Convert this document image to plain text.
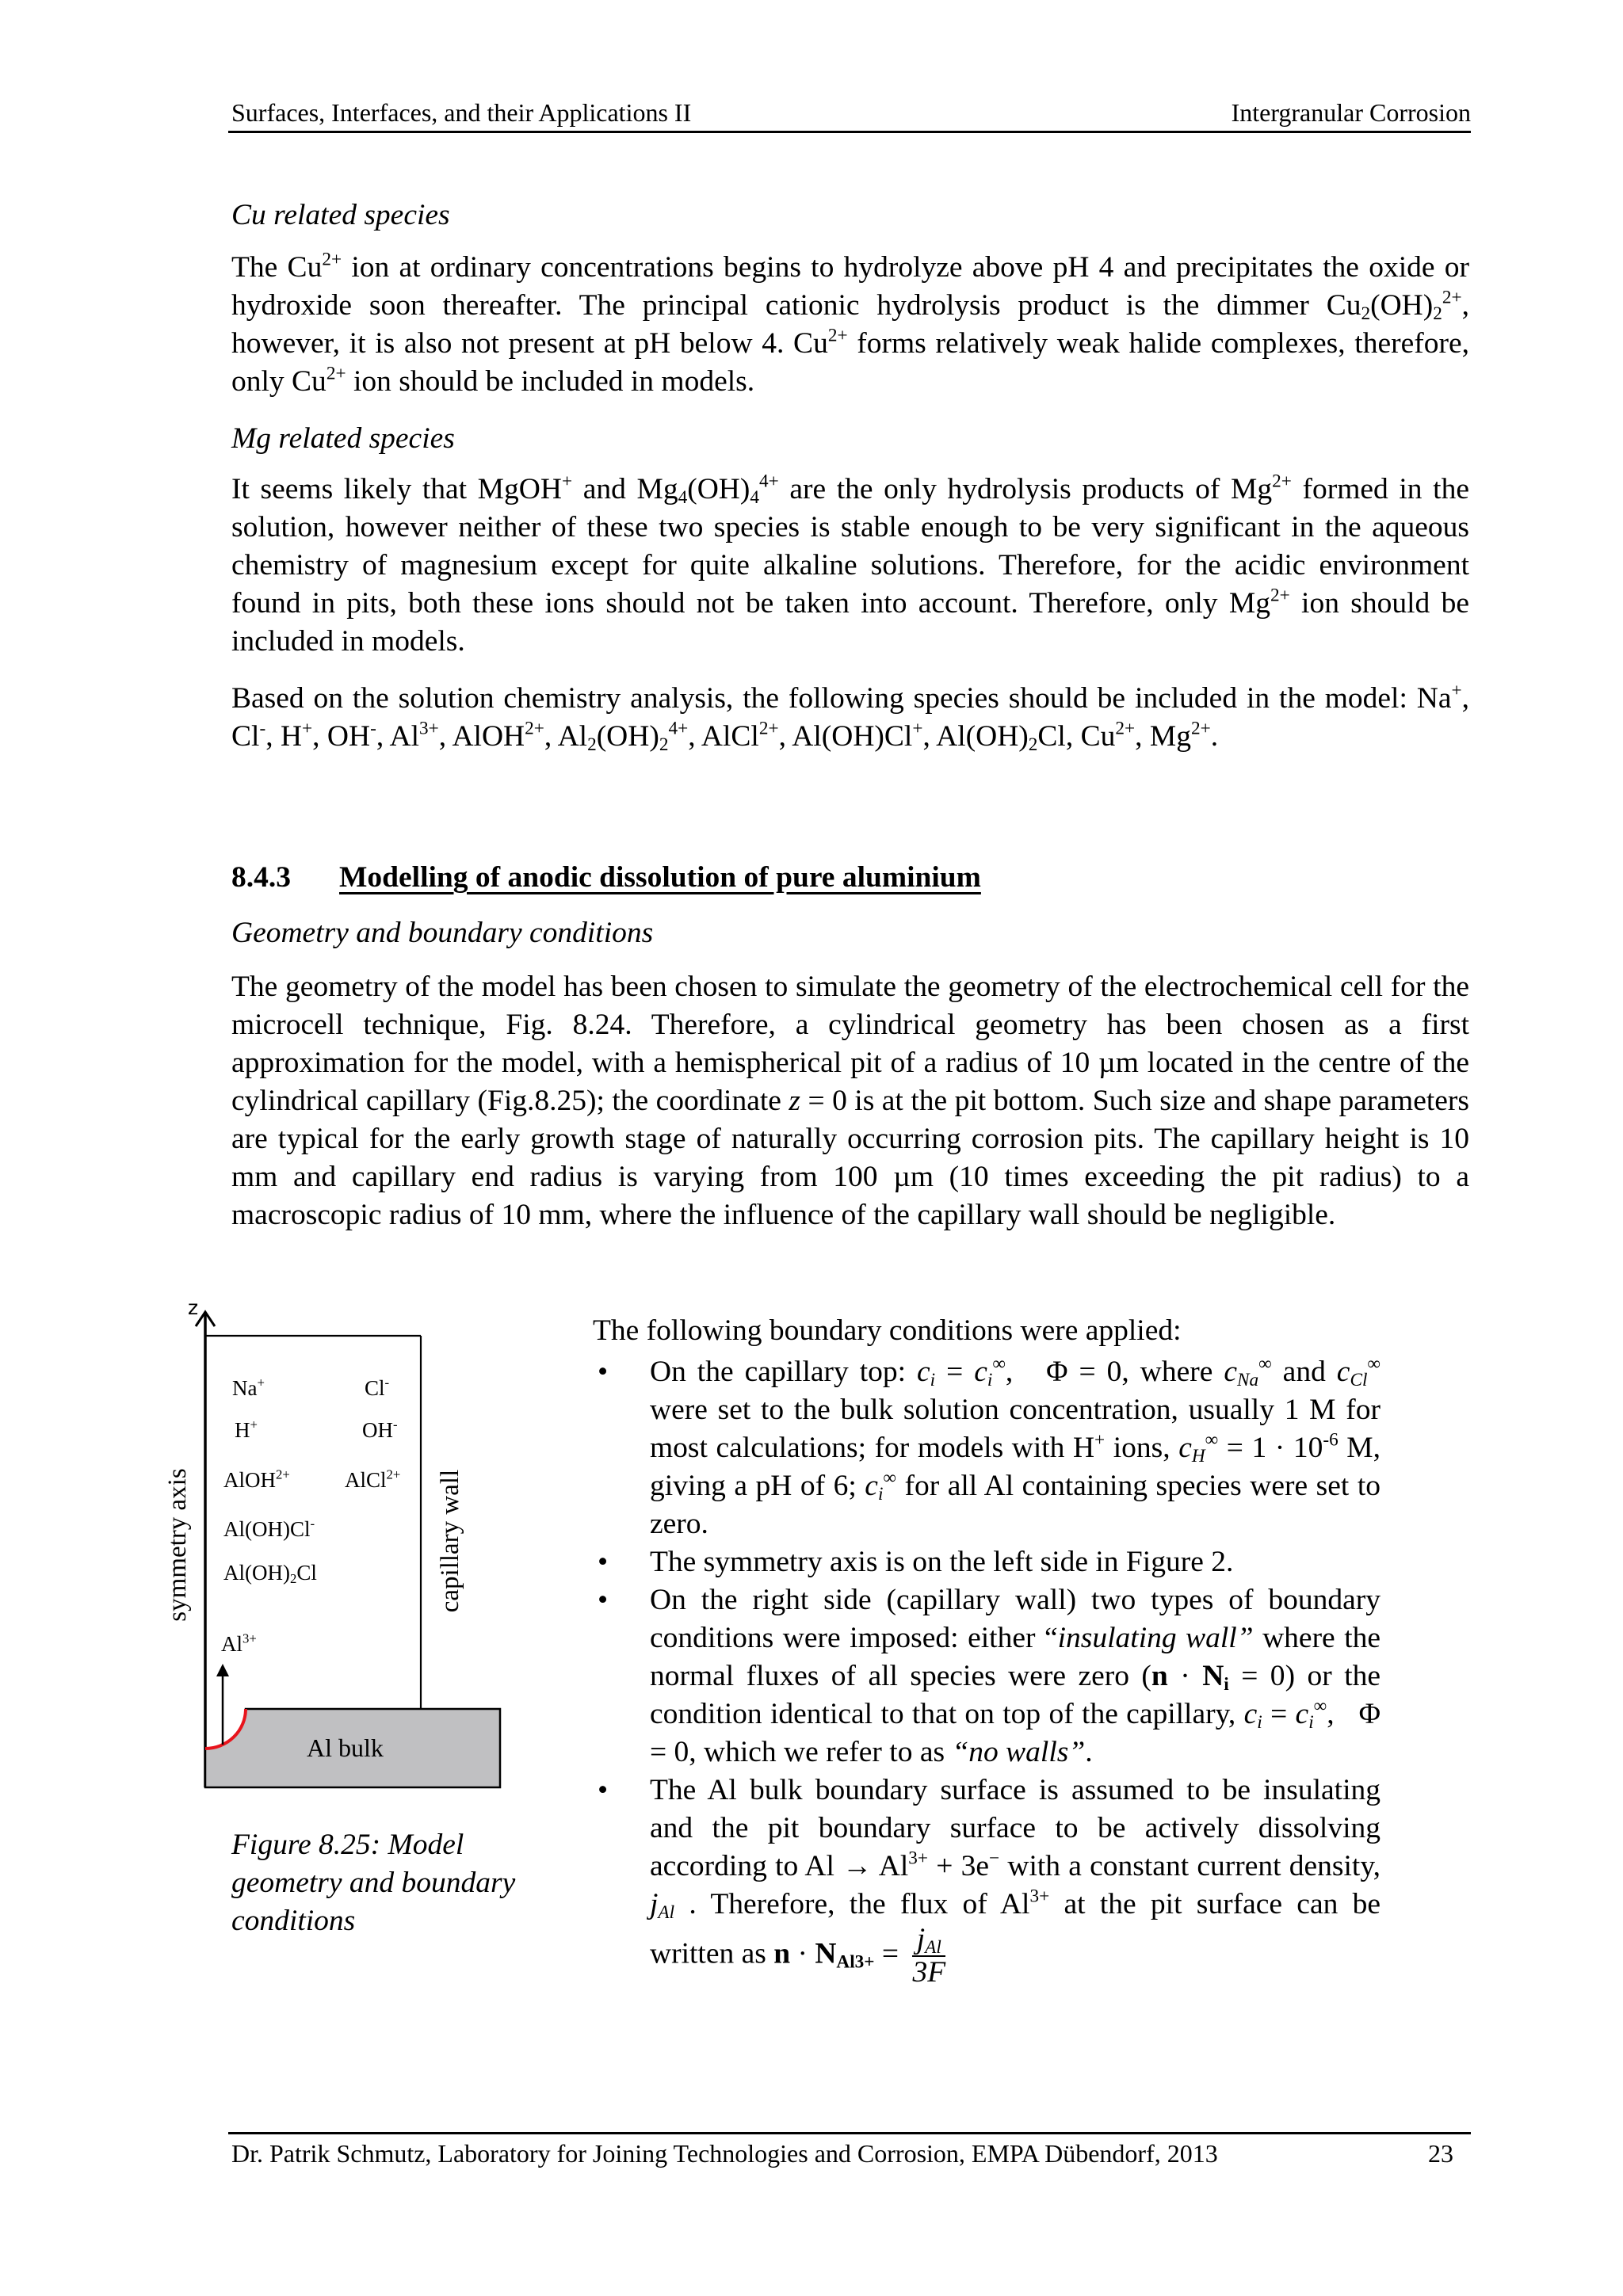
Surfaces, Interfaces, and their Applications II	Intergranular Corrosion
Cu related species
The $Cu^{2+}$ ion at ordinary concentrations begins to hydrolyze above pH 4 and precipitates the oxide or hydroxide soon thereafter. The principal cationic hydrolysis product is the dimmer $Cu_2(OH)_2^{2+}$, however, it is also not present at pH below 4. $Cu^{2+}$ forms relatively weak halide complexes, therefore, only $Cu^{2+}$ ion should be included in models.
Mg related species
It seems likely that MgOH+ and $Mg_4(OH)_4^{4+}$ are the only hydrolysis products of $Mg^{2+}$ formed in the solution, however neither of these two species is stable enough to be very significant in the aqueous chemistry of magnesium except for quite alkaline solutions. Therefore, for the acidic environment found in pits, both these ions should not be taken into account. Therefore, only $Mg^{2+}$ ion should be included in models.
Based on the solution chemistry analysis, the following species should be included in the model: Na+, Cl-, H+, OH-, $Al^{3+}$, AlOH$^{2+}$, $Al_2(OH)_2^{4+}$, AlCl$^{2+}$, Al(OH)Cl+, $Al(OH)_2Cl$, $Cu^{2+}$, $Mg^{2+}$.
8.4.3 Modelling of anodic dissolution of pure aluminium
Geometry and boundary conditions
The geometry of the model has been chosen to simulate the geometry of the electrochemical cell for the microcell technique, Fig. 8.24. Therefore, a cylindrical geometry has been chosen as a first approximation for the model, with a hemispherical pit of a radius of 10 µm located in the centre of the cylindrical capillary (Fig.8.25); the coordinate z = 0 is at the pit bottom. Such size and shape parameters are typical for the early growth stage of naturally occurring corrosion pits. The capillary height is 10 mm and capillary end radius is varying from 100 µm (10 times exceeding the pit radius) to a macroscopic radius of 10 mm, where the influence of the capillary wall should be negligible.
z
Na+	Cl-
H+	OH-
AlOH$^{2+}$	AlCl$^{2+}$
Al(OH)Cl-
$Al(OH)_2Cl$
$Al^{3+}$
Al bulk
symmetry axis	capillary wall
Figure 8.25: Model geometry and boundary conditions
The following boundary conditions were applied:
• On the capillary top: $c_i = c_i^\infty$,   Φ = 0, where $c_{Na}^\infty$ and $c_{Cl}^\infty$ were set to the bulk solution concentration, usually 1 M for most calculations; for models with H+ ions, $c_H^\infty = 1 \cdot 10^{-6}$ M, giving a pH of 6; $c_i^\infty$ for all Al containing species were set to zero.
• The symmetry axis is on the left side in Figure 2.
• On the right side (capillary wall) two types of boundary conditions were imposed: either “insulating wall” where the normal fluxes of all species were zero $(n \cdot N_i = 0)$ or the condition identical to that on top of the capillary, $c_i = c_i^\infty$,   Φ = 0, which we refer to as “no walls”.
• The Al bulk boundary surface is assumed to be insulating and the pit boundary surface to be actively dissolving according to $Al \to Al^{3+} + 3e^-$ with a constant current density, $j_{Al}$ . Therefore, the flux of $Al^{3+}$ at the pit surface can be written as $n \cdot N_{Al3+} = \frac{j_{Al}}{3F}$
Dr. Patrik Schmutz, Laboratory for Joining Technologies and Corrosion, EMPA Dübendorf, 2013	23
